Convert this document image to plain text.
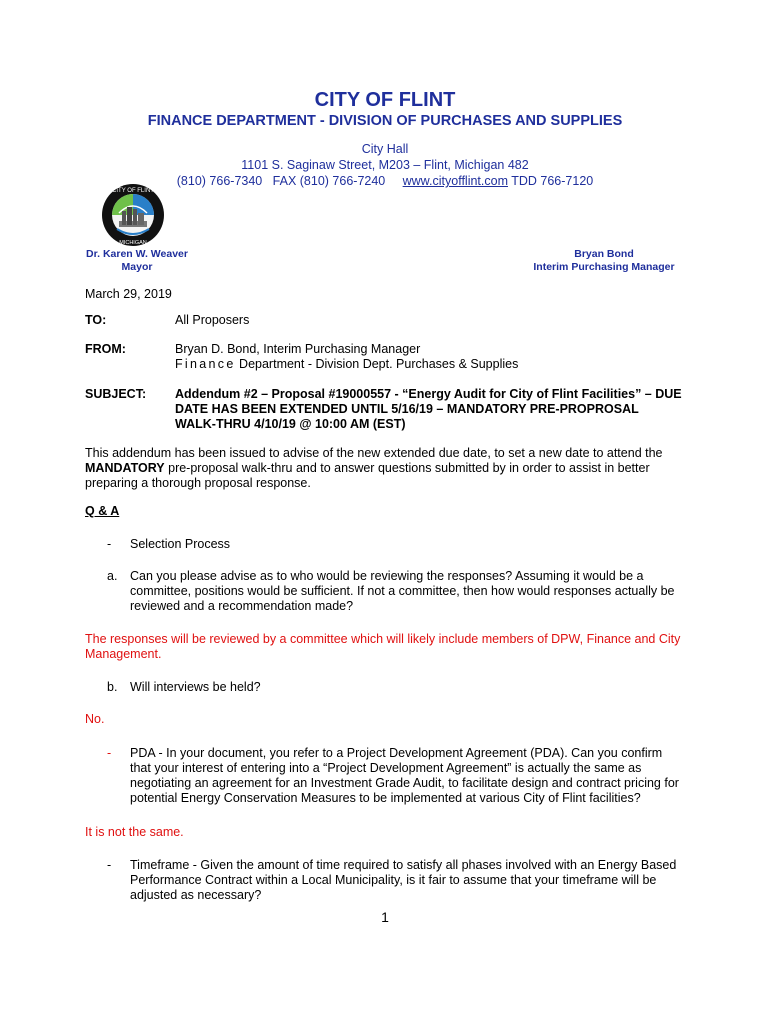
CITY OF FLINT
FINANCE DEPARTMENT - DIVISION OF PURCHASES AND SUPPLIES
City Hall
1101 S. Saginaw Street, M203 – Flint, Michigan 482
(810) 766-7340 FAX (810) 766-7240 www.cityofflint.com TDD 766-7120
CITY OF FLINT
MICHIGAN
Dr. Karen W. Weaver
Mayor
Bryan Bond
Interim Purchasing Manager
March 29, 2019
TO:	All Proposers
FROM:	Bryan D. Bond, Interim Purchasing Manager
Finance Department - Division Dept. Purchases & Supplies
SUBJECT: Addendum #2 – Proposal #19000557 - “Energy Audit for City of Flint Facilities” – DUE
DATE HAS BEEN EXTENDED UNTIL 5/16/19 – MANDATORY PRE-PROPROSAL
WALK-THRU 4/10/19 @ 10:00 AM (EST)
This addendum has been issued to advise of the new extended due date, to set a new date to attend the
MANDATORY pre-proposal walk-thru and to answer questions submitted by in order to assist in better
preparing a thorough proposal response.
Q & A
- Selection Process
a. Can you please advise as to who would be reviewing the responses? Assuming it would be a
committee, positions would be sufficient. If not a committee, then how would responses actually be
reviewed and a recommendation made?
The responses will be reviewed by a committee which will likely include members of DPW, Finance and City
Management.
b. Will interviews be held?
No.
- PDA - In your document, you refer to a Project Development Agreement (PDA). Can you confirm
that your interest of entering into a “Project Development Agreement” is actually the same as
negotiating an agreement for an Investment Grade Audit, to facilitate design and contract pricing for
potential Energy Conservation Measures to be implemented at various City of Flint facilities?
It is not the same.
- Timeframe - Given the amount of time required to satisfy all phases involved with an Energy Based
Performance Contract within a Local Municipality, is it fair to assume that your timeframe will be
adjusted as necessary?
1
